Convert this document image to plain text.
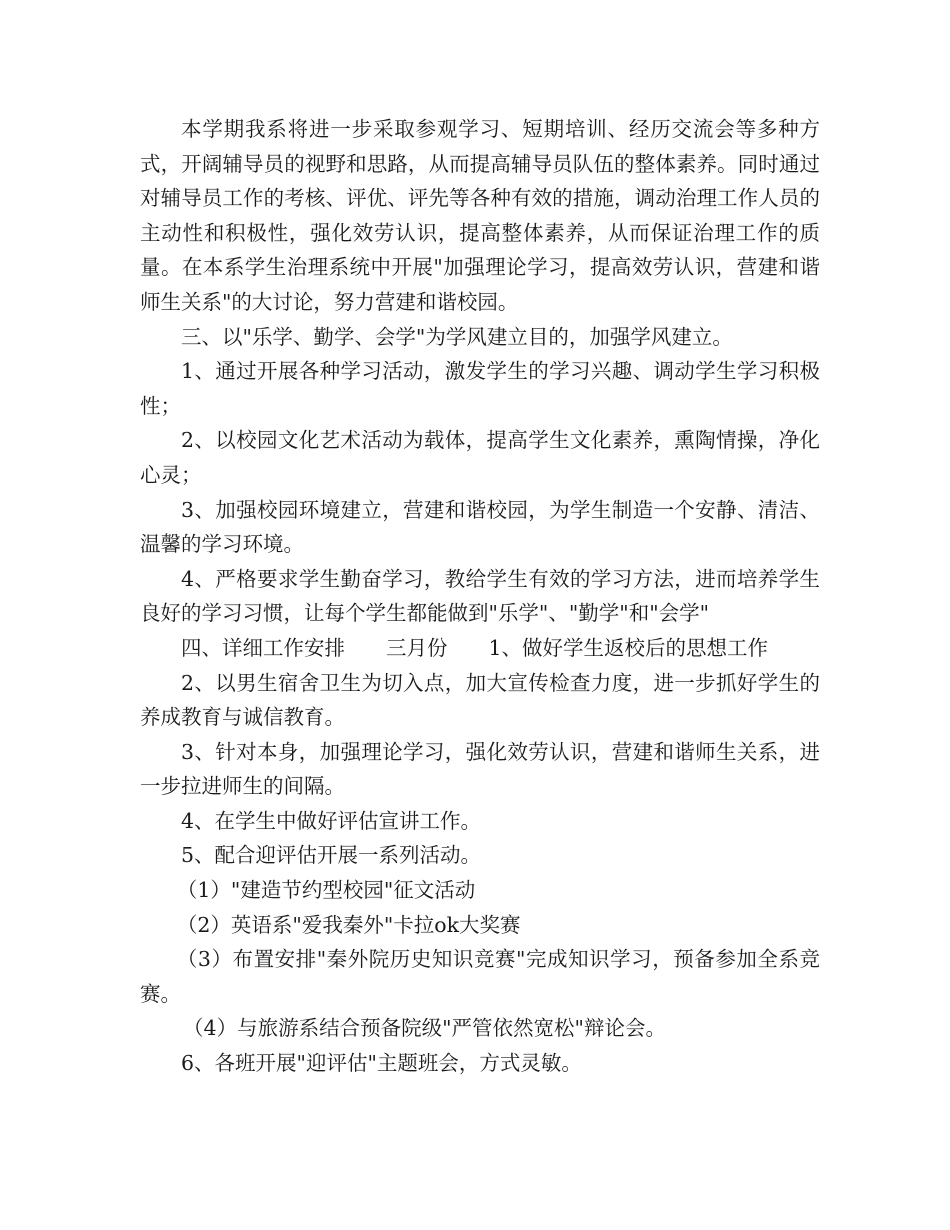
本学期我系将进一步采取参观学习、短期培训、经历交流会等多种方式，开阔辅导员的视野和思路，从而提高辅导员队伍的整体素养。同时通过对辅导员工作的考核、评优、评先等各种有效的措施，调动治理工作人员的主动性和积极性，强化效劳认识，提高整体素养，从而保证治理工作的质量。在本系学生治理系统中开展"加强理论学习，提高效劳认识，营建和谐师生关系"的大讨论，努力营建和谐校园。

三、以"乐学、勤学、会学"为学风建立目的，加强学风建立。

1、通过开展各种学习活动，激发学生的学习兴趣、调动学生学习积极性；

2、以校园文化艺术活动为载体，提高学生文化素养，熏陶情操，净化心灵；

3、加强校园环境建立，营建和谐校园，为学生制造一个安静、清洁、温馨的学习环境。

4、严格要求学生勤奋学习，教给学生有效的学习方法，进而培养学生良好的学习习惯，让每个学生都能做到"乐学"、"勤学"和"会学"

四、详细工作安排　　三月份　　1、做好学生返校后的思想工作

2、以男生宿舍卫生为切入点，加大宣传检查力度，进一步抓好学生的养成教育与诚信教育。

3、针对本身，加强理论学习，强化效劳认识，营建和谐师生关系，进一步拉进师生的间隔。

4、在学生中做好评估宣讲工作。

5、配合迎评估开展一系列活动。

（1）"建造节约型校园"征文活动

（2）英语系"爱我秦外"卡拉ok大奖赛

（3）布置安排"秦外院历史知识竞赛"完成知识学习，预备参加全系竞赛。

（4）与旅游系结合预备院级"严管依然宽松"辩论会。

6、各班开展"迎评估"主题班会，方式灵敏。
